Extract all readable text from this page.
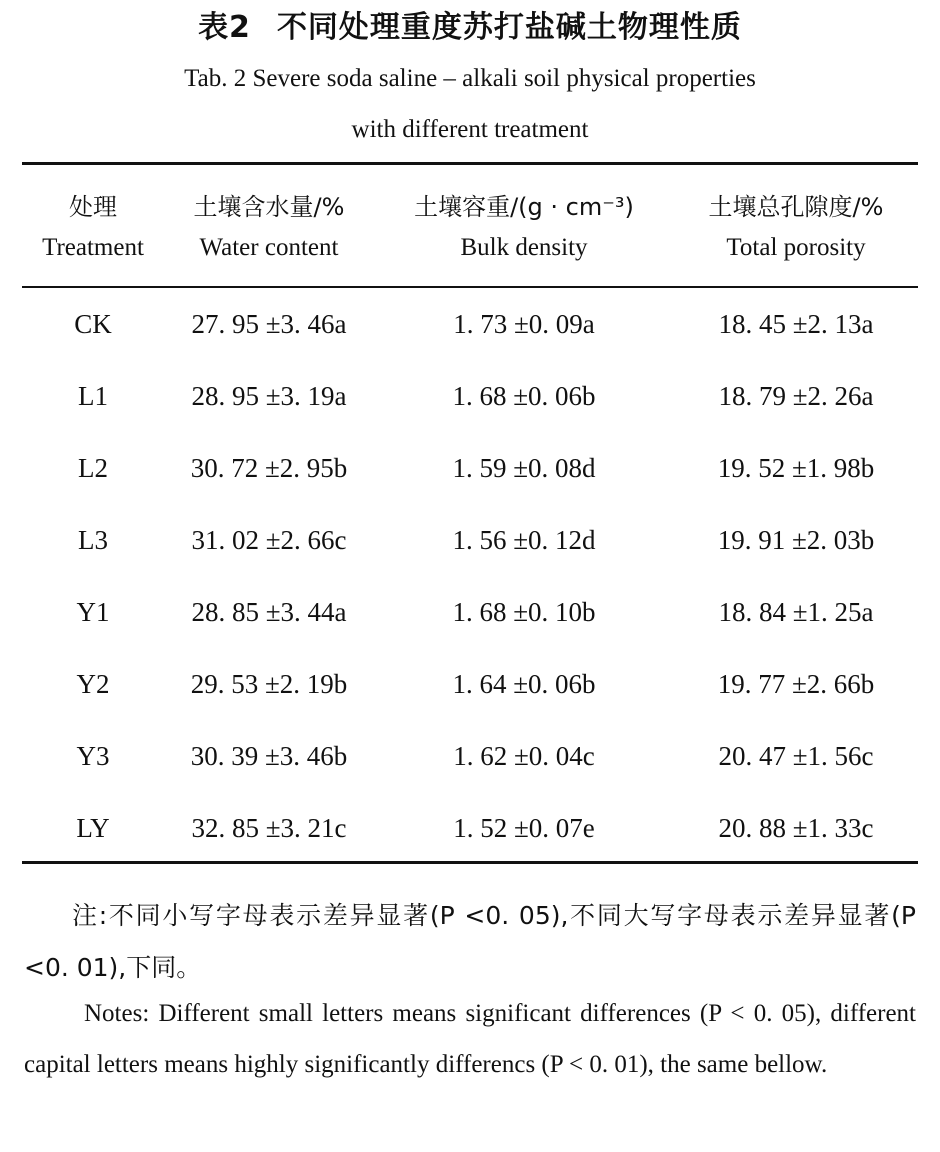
表2 不同处理重度苏打盐碱土物理性质
Tab. 2 Severe soda saline – alkali soil physical properties
with different treatment
处理	土壤含水量/%	土壤容重/(g · cm⁻³)	土壤总孔隙度/%
Treatment	Water content	Bulk density	Total porosity
CK	27. 95 ±3. 46a	1. 73 ±0. 09a	18. 45 ±2. 13a
L1	28. 95 ±3. 19a	1. 68 ±0. 06b	18. 79 ±2. 26a
L2	30. 72 ±2. 95b	1. 59 ±0. 08d	19. 52 ±1. 98b
L3	31. 02 ±2. 66c	1. 56 ±0. 12d	19. 91 ±2. 03b
Y1	28. 85 ±3. 44a	1. 68 ±0. 10b	18. 84 ±1. 25a
Y2	29. 53 ±2. 19b	1. 64 ±0. 06b	19. 77 ±2. 66b
Y3	30. 39 ±3. 46b	1. 62 ±0. 04c	20. 47 ±1. 56c
LY	32. 85 ±3. 21c	1. 52 ±0. 07e	20. 88 ±1. 33c
注:不同小写字母表示差异显著(P <0. 05),不同大写字母表示差异显著(P <0. 01),下同。
Notes: Different small letters means significant differences (P < 0. 05), different capital letters means highly significantly differencs (P < 0. 01), the same bellow.
